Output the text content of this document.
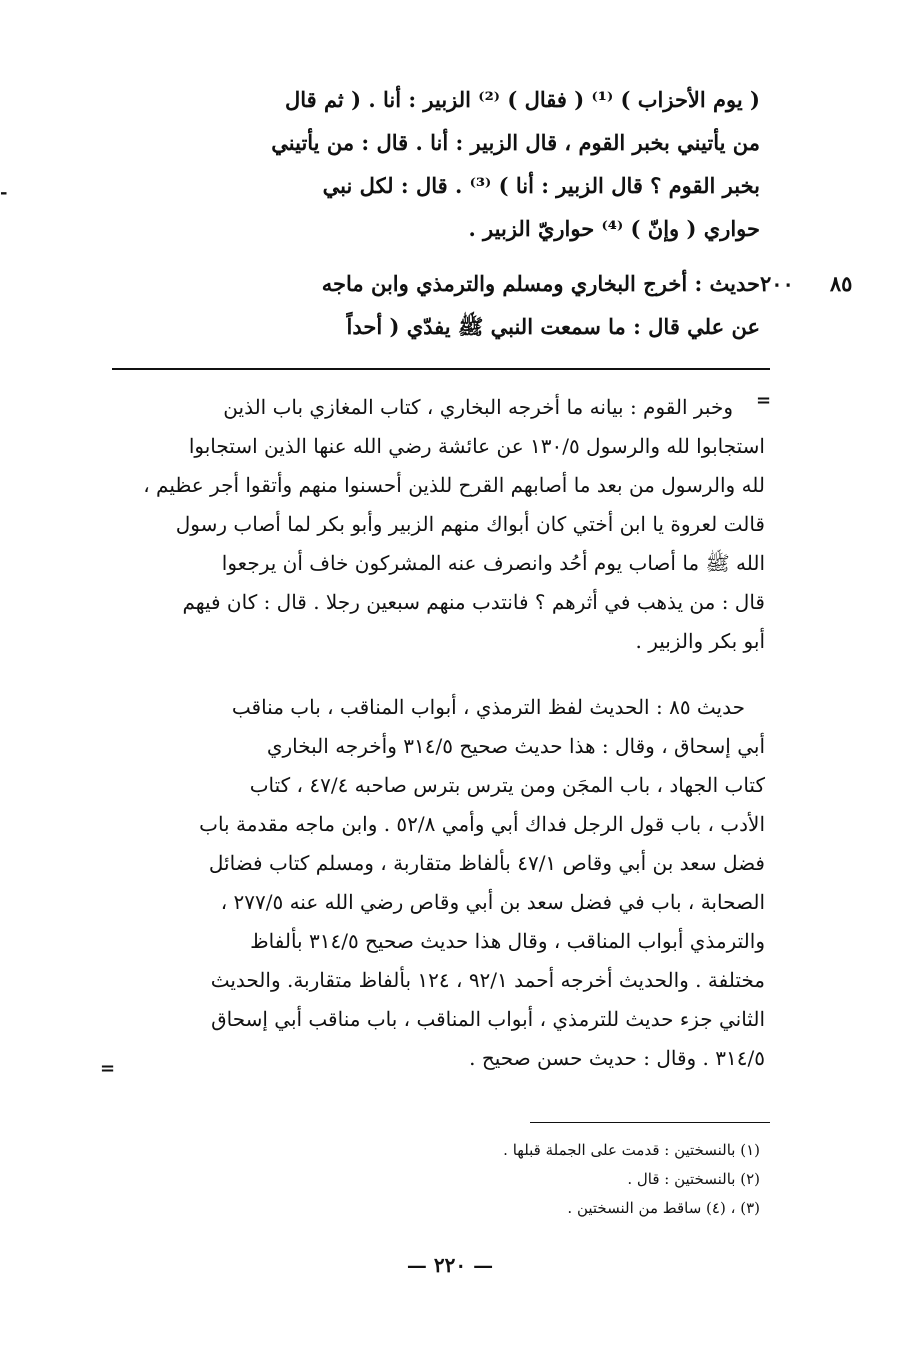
( يوم الأحزاب ) ⁽¹⁾ ( فقال ) ⁽²⁾ الزبير : أنا . ( ثم قال

من يأتيني بخبر القوم ، قال الزبير : أنا . قال : من يأتيني

بخبر القوم ؟ قال الزبير : أنا ) ⁽³⁾ . قال : لكل نبي

حواري ( وإنّ ) ⁽⁴⁾ حواريّ الزبير .

-
٢٠٠ ٨٥
حديث : أخرج البخاري ومسلم والترمذي وابن ماجه
عن علي قال : ما سمعت النبي ﷺ يفدّي ( أحداً
=

وخبر القوم : بيانه ما أخرجه البخاري ، كتاب المغازي باب الذين

استجابوا لله والرسول ١٣٠/٥ عن عائشة رضي الله عنها الذين استجابوا

لله والرسول من بعد ما أصابهم القرح للذين أحسنوا منهم وأتقوا أجر عظيم ،

قالت لعروة يا ابن أختي كان أبواك منهم الزبير وأبو بكر لما أصاب رسول

الله ﷺ ما أصاب يوم أحُد وانصرف عنه المشركون خاف أن يرجعوا

قال : من يذهب في أثرهم ؟ فانتدب منهم سبعين رجلا . قال : كان فيهم

أبو بكر والزبير .

حديث ٨٥ : الحديث لفظ الترمذي ، أبواب المناقب ، باب مناقب

أبي إسحاق ، وقال : هذا حديث صحيح ٣١٤/٥ وأخرجه البخاري

كتاب الجهاد ، باب المجَن ومن يترس بترس صاحبه ٤٧/٤ ، كتاب

الأدب ، باب قول الرجل فداك أبي وأمي ٥٢/٨ . وابن ماجه مقدمة باب

فضل سعد بن أبي وقاص ٤٧/١ بألفاظ متقاربة ، ومسلم كتاب فضائل

الصحابة ، باب في فضل سعد بن أبي وقاص رضي الله عنه ٢٧٧/٥ ،

والترمذي أبواب المناقب ، وقال هذا حديث صحيح ٣١٤/٥ بألفاظ

مختلفة . والحديث أخرجه أحمد ٩٢/١ ، ١٢٤ بألفاظ متقاربة. والحديث

الثاني جزء حديث للترمذي ، أبواب المناقب ، باب مناقب أبي إسحاق

٣١٤/٥ . وقال : حديث حسن صحيح .

=
(١) بالنسختين : قدمت على الجملة قبلها .
(٢) بالنسختين : قال .
(٣) ، (٤) ساقط من النسختين .
— ٢٢٠ —
